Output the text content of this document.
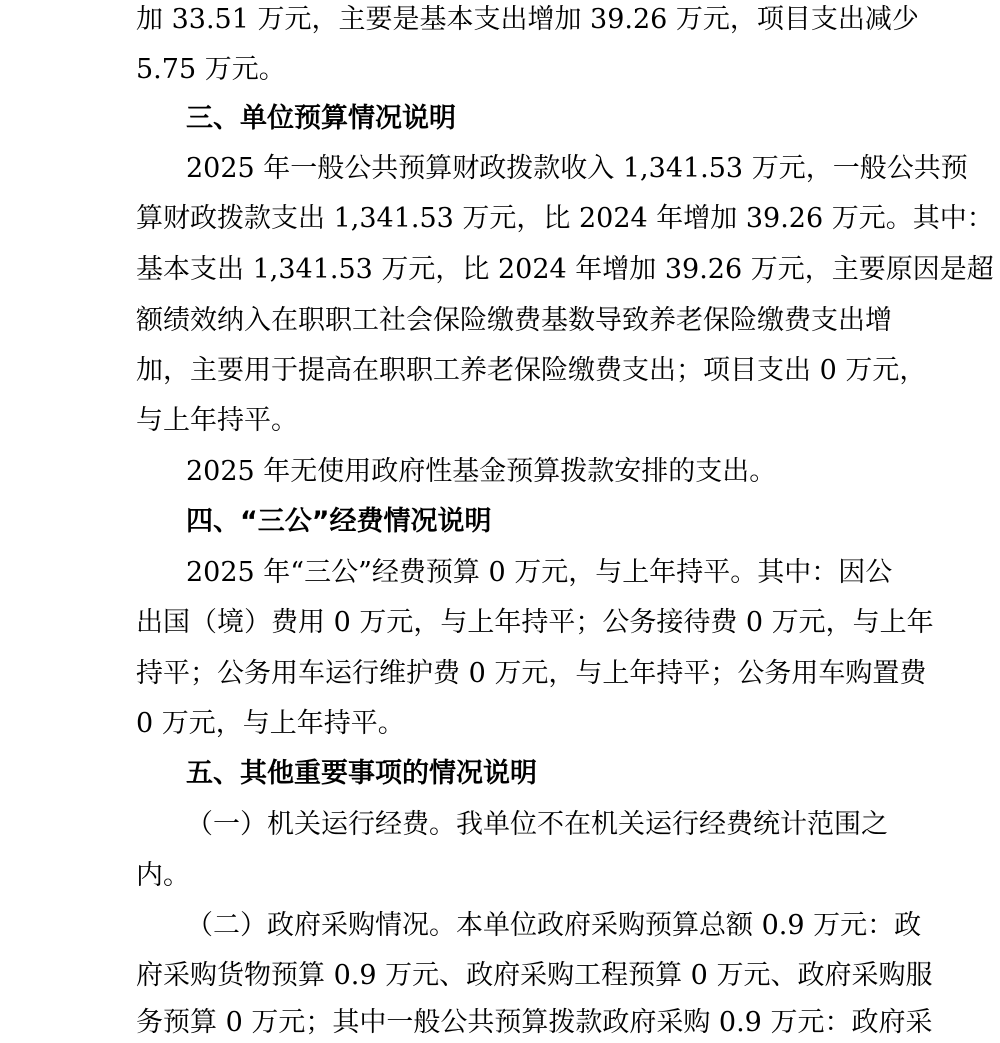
加 33.51 万元，主要是基本支出增加 39.26 万元，项目支出减少
5.75 万元。
三、单位预算情况说明
2025 年一般公共预算财政拨款收入 1,341.53 万元，一般公共预
算财政拨款支出 1,341.53 万元，比 2024 年增加 39.26 万元。其中：
基本支出 1,341.53 万元，比 2024 年增加 39.26 万元，主要原因是超
额绩效纳入在职职工社会保险缴费基数导致养老保险缴费支出增
加，主要用于提高在职职工养老保险缴费支出；项目支出 0 万元，
与上年持平。
2025 年无使用政府性基金预算拨款安排的支出。
四、“三公”经费情况说明
2025 年“三公”经费预算 0 万元，与上年持平。其中：因公
出国（境）费用 0 万元，与上年持平；公务接待费 0 万元，与上年
持平；公务用车运行维护费 0 万元，与上年持平；公务用车购置费
0 万元，与上年持平。
五、其他重要事项的情况说明
（一）机关运行经费。我单位不在机关运行经费统计范围之
内。
（二）政府采购情况。本单位政府采购预算总额 0.9 万元：政
府采购货物预算 0.9 万元、政府采购工程预算 0 万元、政府采购服
务预算 0 万元；其中一般公共预算拨款政府采购 0.9 万元：政府采
